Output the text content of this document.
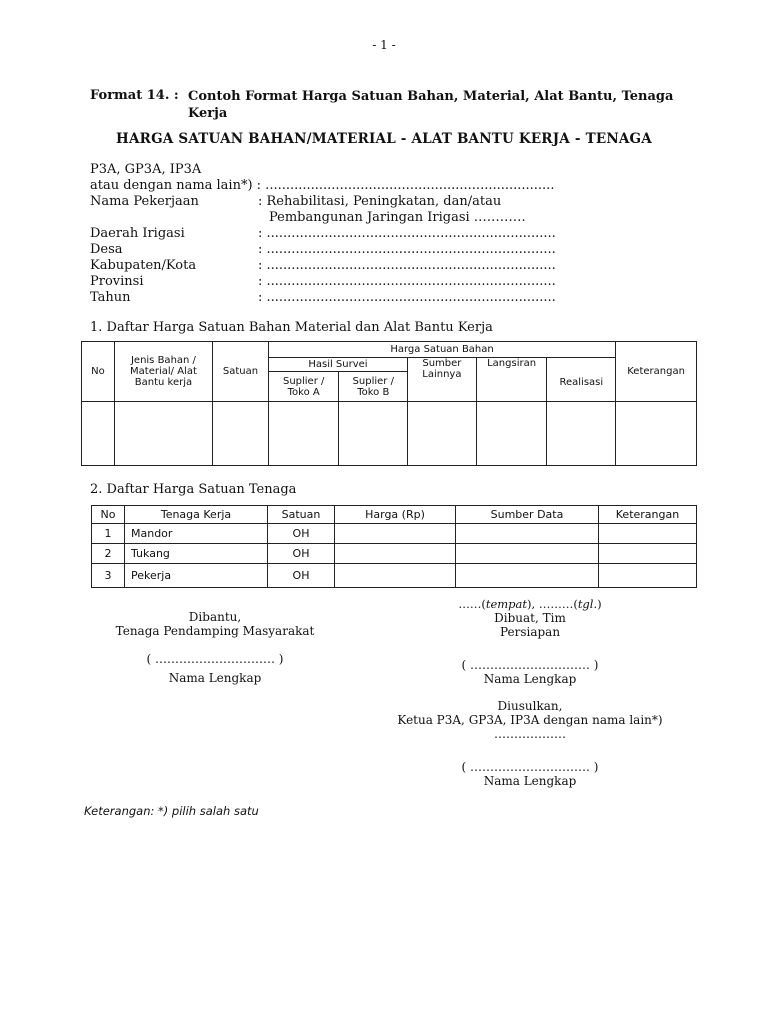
- 1 -
Format 14. : Contoh Format Harga Satuan Bahan, Material, Alat Bantu, Tenaga Kerja
HARGA SATUAN BAHAN/MATERIAL - ALAT BANTU KERJA - TENAGA
P3A, GP3A, IP3A
atau dengan nama lain*) : ......................................................................
Nama Pekerjaan	: Rehabilitasi, Peningkatan, dan/atau
Pembangunan Jaringan Irigasi …………
Daerah Irigasi	: ......................................................................
Desa	: ......................................................................
Kabupaten/Kota	: ......................................................................
Provinsi	: ......................................................................
Tahun	: ......................................................................
1. Daftar Harga Satuan Bahan Material dan Alat Bantu Kerja
No	Jenis Bahan / Material/ Alat Bantu kerja	Satuan	Harga Satuan Bahan					Keterangan
			Hasil Survei		Sumber Lainnya	Langsiran	Realisasi	
			Suplier / Toko A	Suplier / Toko B				

2. Daftar Harga Satuan Tenaga
No	Tenaga Kerja	Satuan	Harga (Rp)	Sumber Data	Keterangan
1	Mandor	OH			
2	Tukang	OH			
3	Pekerja	OH			
……(tempat), ………(tgl.)
Dibantu,
Tenaga Pendamping Masyarakat
( ………………………… )
Nama Lengkap
Dibuat, Tim
Persiapan
( ………………………… )
Nama Lengkap
Diusulkan,
Ketua P3A, GP3A, IP3A dengan nama lain*)
………………
( ………………………… )
Nama Lengkap
Keterangan: *) pilih salah satu
